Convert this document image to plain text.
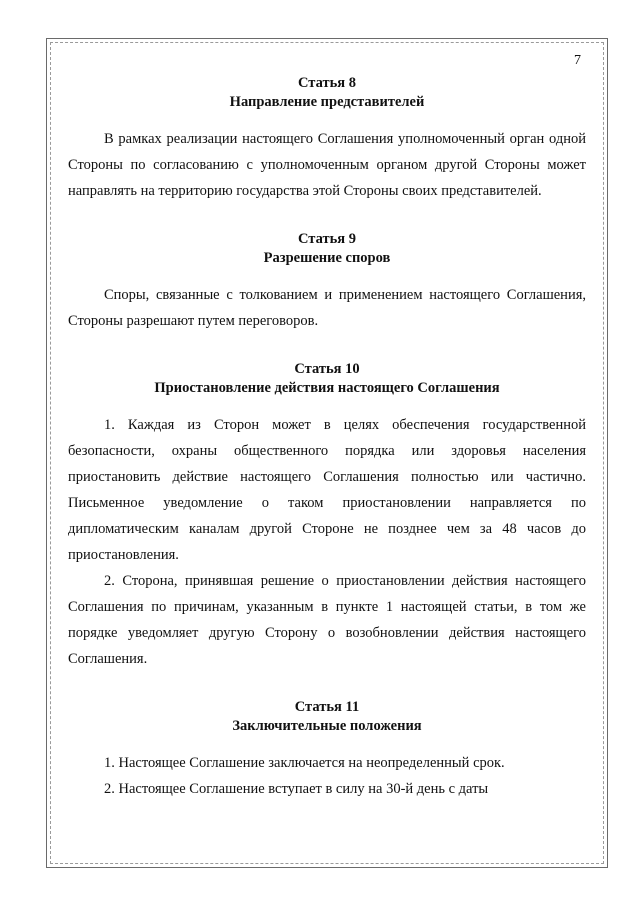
7
Статья 8
Направление представителей

В рамках реализации настоящего Соглашения уполномоченный орган одной Стороны по согласованию с уполномоченным органом другой Стороны может направлять на территорию государства этой Стороны своих представителей.

Статья 9
Разрешение споров

Споры, связанные с толкованием и применением настоящего Соглашения, Стороны разрешают путем переговоров.

Статья 10
Приостановление действия настоящего Соглашения

1. Каждая из Сторон может в целях обеспечения государственной безопасности, охраны общественного порядка или здоровья населения приостановить действие настоящего Соглашения полностью или частично. Письменное уведомление о таком приостановлении направляется по дипломатическим каналам другой Стороне не позднее чем за 48 часов до приостановления.

2. Сторона, принявшая решение о приостановлении действия настоящего Соглашения по причинам, указанным в пункте 1 настоящей статьи, в том же порядке уведомляет другую Сторону о возобновлении действия настоящего Соглашения.

Статья 11
Заключительные положения

1. Настоящее Соглашение заключается на неопределенный срок.

2. Настоящее Соглашение вступает в силу на 30-й день с даты
